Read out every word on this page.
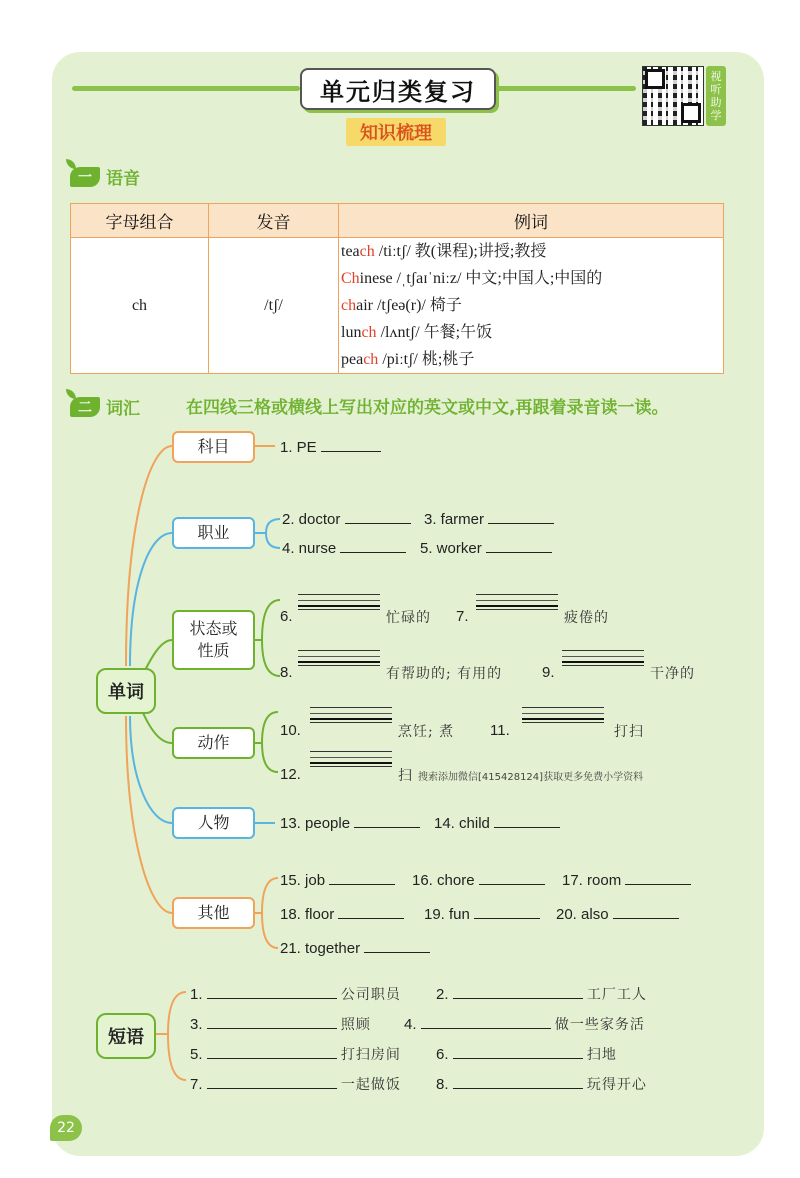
单元归类复习
知识梳理
视听助学
一 语音
字母组合	发音	例词
ch	/tʃ/	teach /tiːtʃ/ 教(课程);讲授;教授
Chinese /ˌtʃaɪˈniːz/ 中文;中国人;中国的
chair /tʃeə(r)/ 椅子
lunch /lʌntʃ/ 午餐;午饭
peach /piːtʃ/ 桃;桃子
二 词汇	在四线三格或横线上写出对应的英文或中文,再跟着录音读一读。
单词
短语
科目
职业
状态或性质
动作
人物
其他
1. PE
2. doctor	3. farmer
4. nurse	5. worker
6.	忙碌的 7.	疲倦的
8.	有帮助的; 有用的	9.	干净的
10.	烹饪; 煮 11.	打扫
12.	扫 搜索添加微信[415428124]获取更多免费小学资料
13. people	14. child
15. job	16. chore	17. room
18. floor	19. fun	20. also
21. together
1.	公司职员 2.	工厂工人
3.	照顾 4.	做一些家务活
5.	打扫房间 6.	扫地
7.	一起做饭 8.	玩得开心
22
